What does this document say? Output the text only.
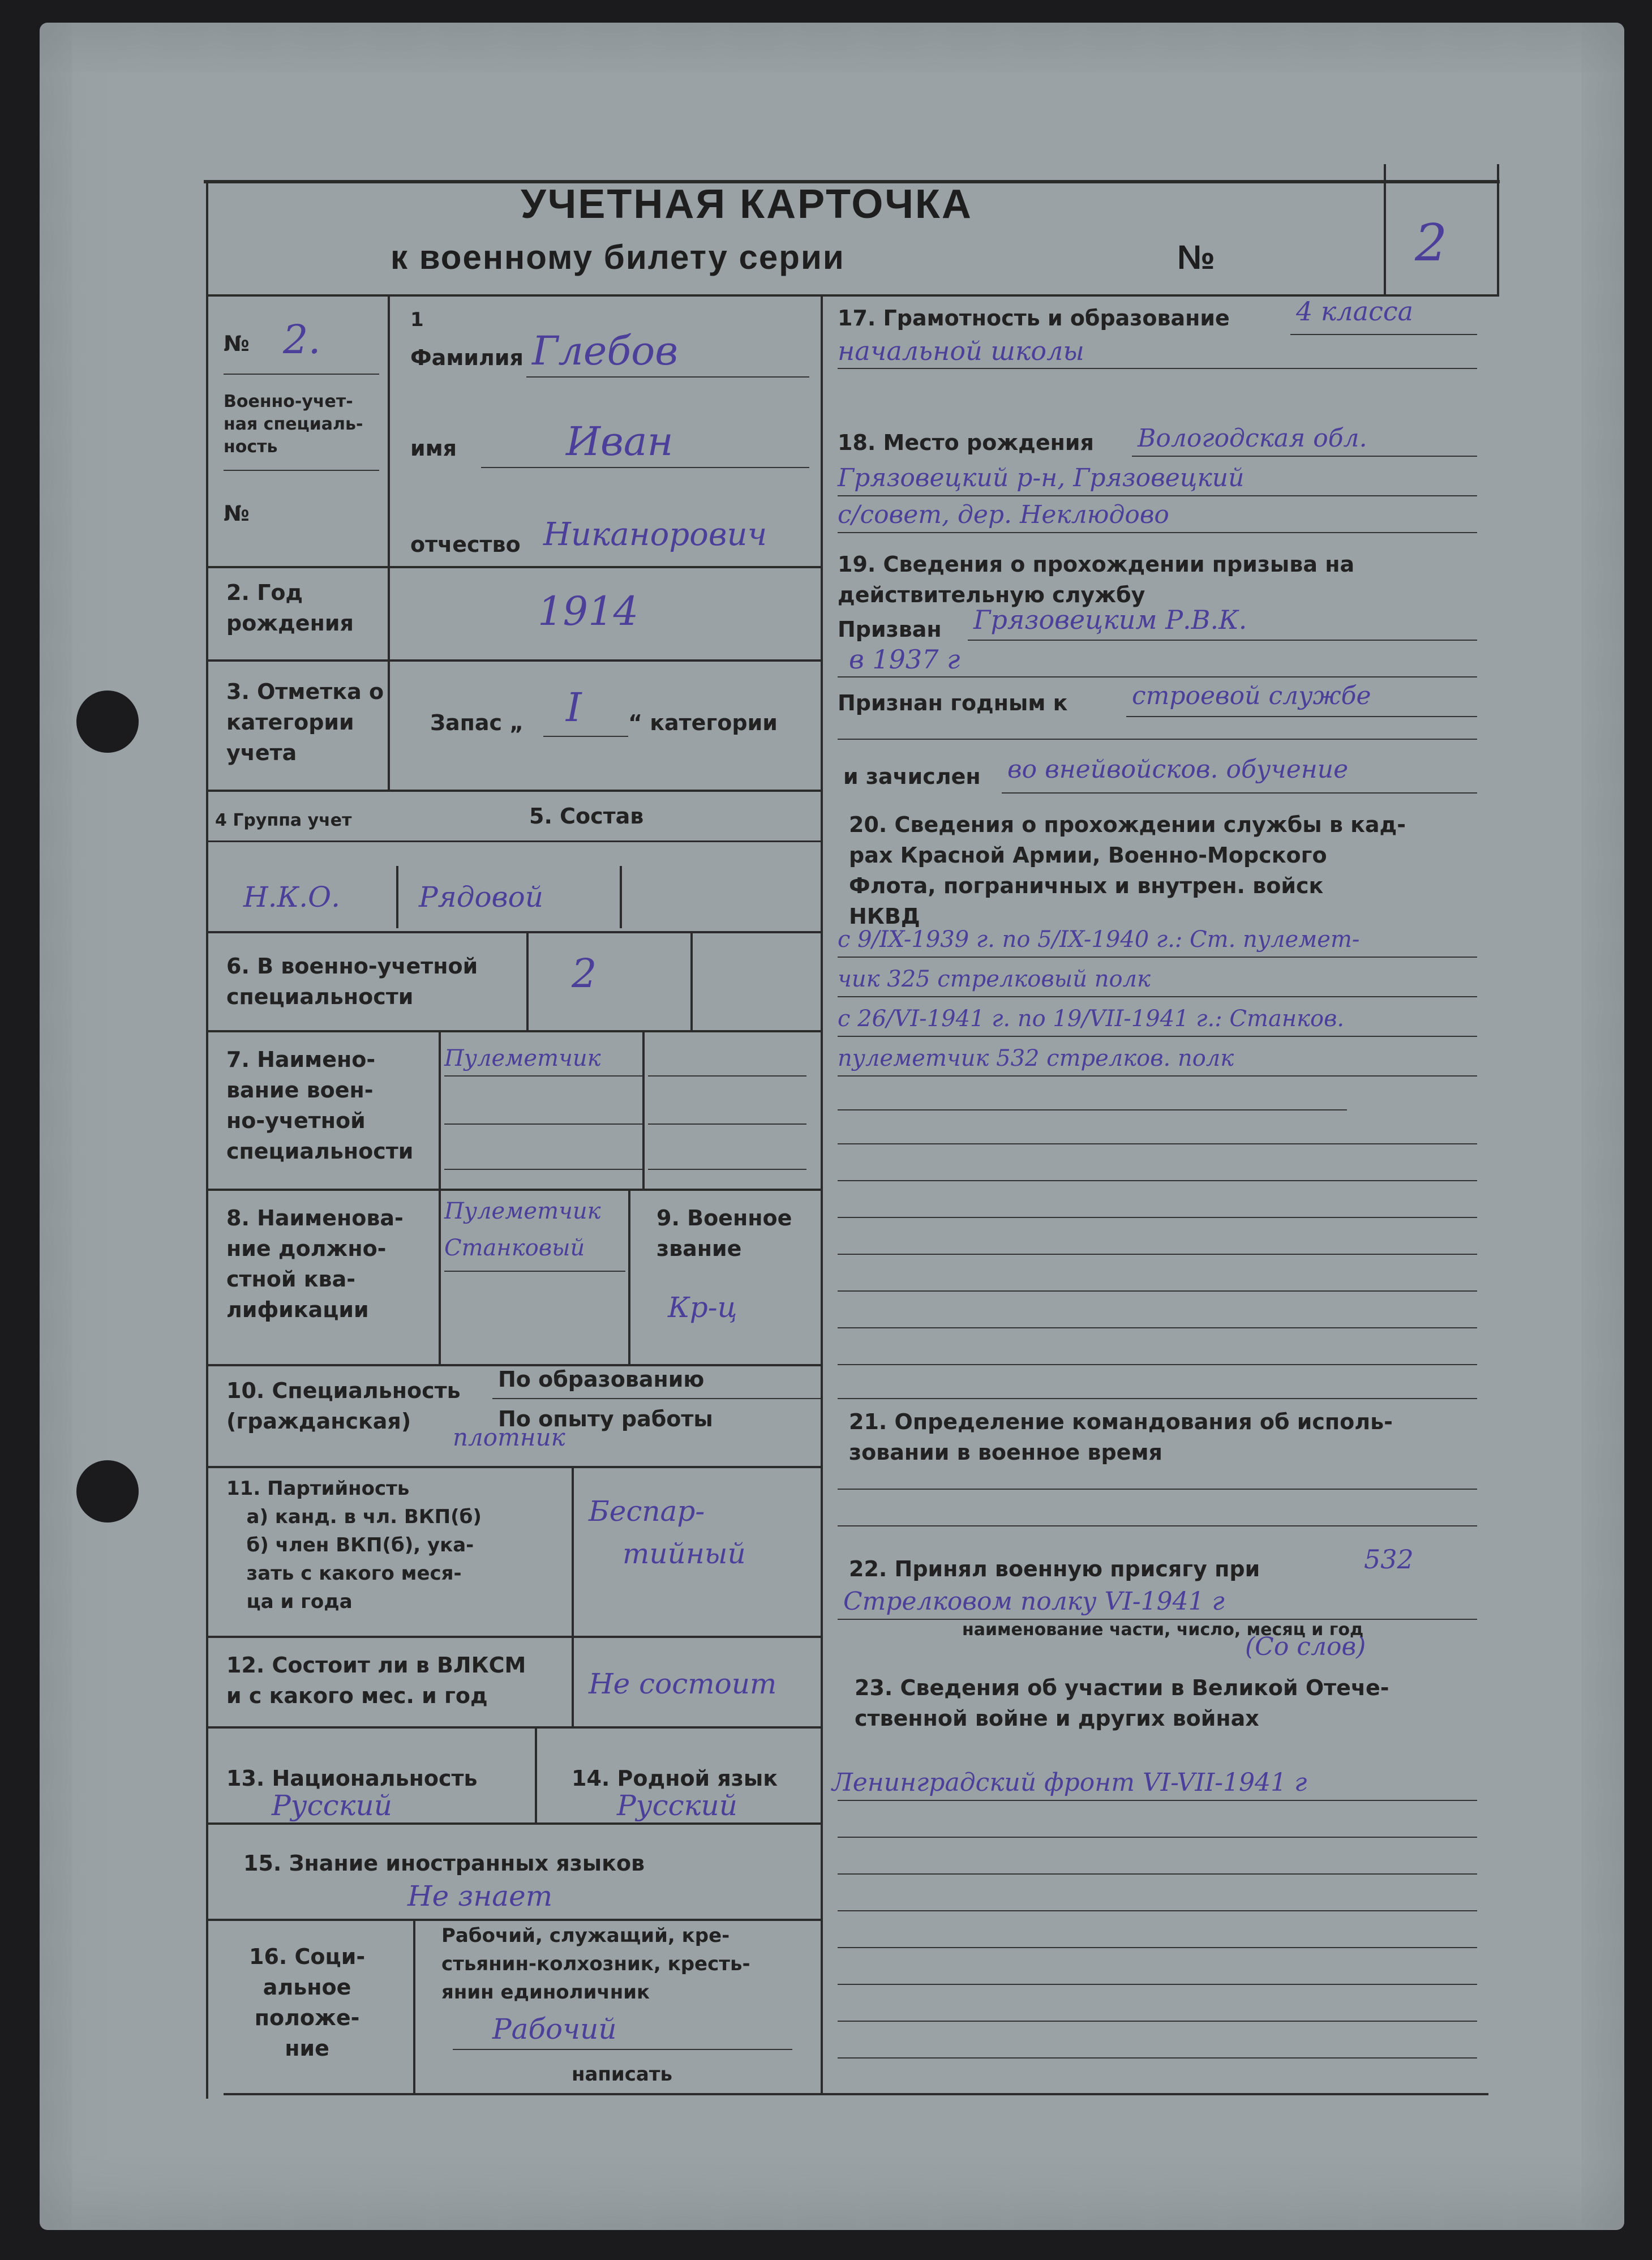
УЧЕТНАЯ КАРТОЧКА
к военному билету серии	№	2
№ 2.
Военно-учет-
ная специаль-
ность
№
1
Фамилия Глебов
имя	Иван
отчество Никанорович
2. Год
рождения	1914
3. Отметка о
категории
учета
Запас „ I “ категории
4 Группа учет	5. Состав
Н.К.О.	Рядовой
6. В военно-учетной
специальности	2
7. Наимено-
вание воен-
но-учетной
специальности
Пулеметчик
8. Наименова-
ние должно-
стной ква-
лификации
Пулеметчик
Станковый
9. Военное
звание
Кр-ц
10. Специальность
(гражданская)
По образованию
По опыту работы
плотник
11. Партийность
а) канд. в чл. ВКП(б)
б) член ВКП(б), ука-
зать с какого меся-
ца и года
Беспар-
тийный
12. Состоит ли в ВЛКСМ
и с какого мес. и год	Не состоит
13. Национальность
Русский
14. Родной язык
Русский
15. Знание иностранных языков
Не знает
16. Соци-
альное
положе-
ние
Рабочий, служащий, кре-
стьянин-колхозник, кресть-
янин единоличник
Рабочий
написать
17. Грамотность и образование	4 класса
начальной школы
18. Место рождения Вологодская обл.
Грязовецкий р-н, Грязовецкий
с/совет, дер. Неклюдово
19. Сведения о прохождении призыва на
действительную службу
Призван Грязовецким Р.В.К.
в 1937 г
Признан годным к	строевой службе
и зачислен во внейвойсков. обучение
20. Сведения о прохождении службы в кад-
рах Красной Армии, Военно-Морского
Флота, пограничных и внутрен. войск
НКВД
с 9/IX-1939 г. по 5/IX-1940 г.: Ст. пулемет-
чик 325 стрелковый полк
с 26/VI-1941 г. по 19/VII-1941 г.: Станков.
пулеметчик 532 стрелков. полк
21. Определение командования об исполь-
зовании в военное время
22. Принял военную присягу при	532
Стрелковом полку VI-1941 г
наименование части, число, месяц и год
(Со слов)
23. Сведения об участии в Великой Отече-
ственной войне и других войнах
Ленинградский фронт VI-VII-1941 г
